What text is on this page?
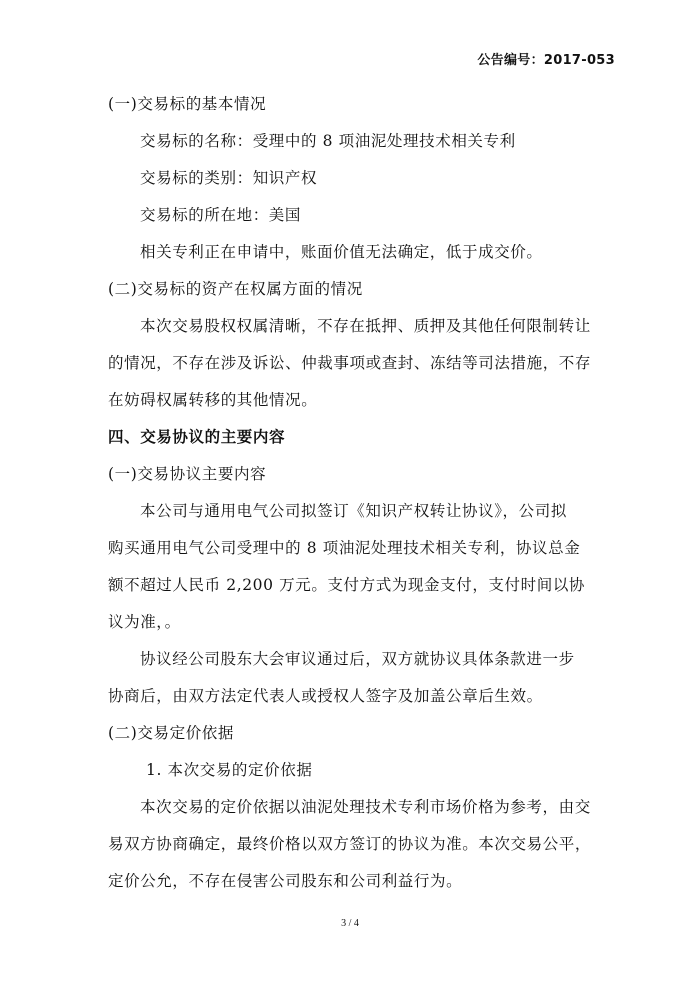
公告编号：2017-053
(一)交易标的基本情况
交易标的名称：受理中的 8 项油泥处理技术相关专利
交易标的类别：知识产权
交易标的所在地：美国
相关专利正在申请中，账面价值无法确定，低于成交价。
(二)交易标的资产在权属方面的情况
本次交易股权权属清晰，不存在抵押、质押及其他任何限制转让
的情况，不存在涉及诉讼、仲裁事项或查封、冻结等司法措施，不存
在妨碍权属转移的其他情况。
四、交易协议的主要内容
(一)交易协议主要内容
本公司与通用电气公司拟签订《知识产权转让协议》，公司拟
购买通用电气公司受理中的 8 项油泥处理技术相关专利，协议总金
额不超过人民币 2,200 万元。支付方式为现金支付，支付时间以协
议为准，。
协议经公司股东大会审议通过后，双方就协议具体条款进一步
协商后，由双方法定代表人或授权人签字及加盖公章后生效。
(二)交易定价依据
1. 本次交易的定价依据
本次交易的定价依据以油泥处理技术专利市场价格为参考，由交
易双方协商确定，最终价格以双方签订的协议为准。本次交易公平，
定价公允，不存在侵害公司股东和公司利益行为。
3 / 4
